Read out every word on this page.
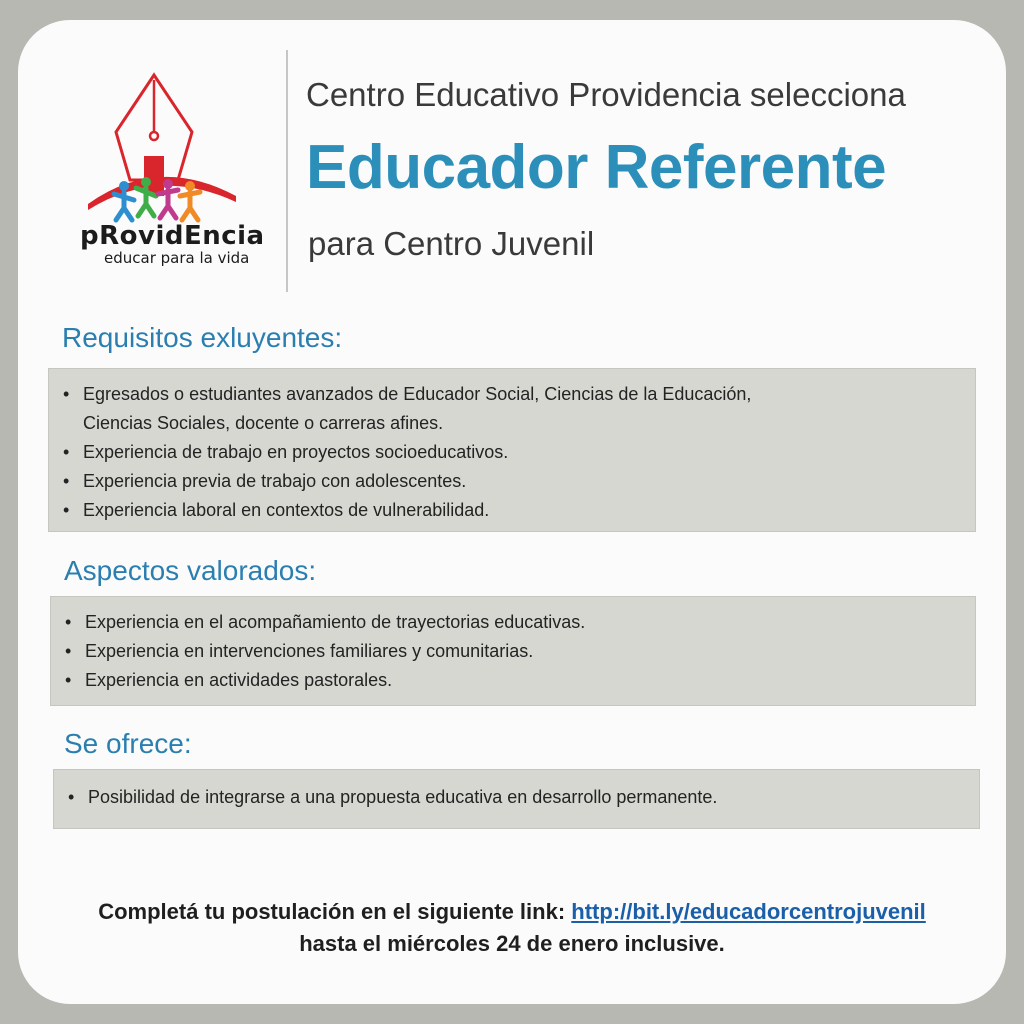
pRovidEncia
educar para la vida
Centro Educativo Providencia selecciona
Educador Referente
para Centro Juvenil
Requisitos exluyentes:
• Egresados o estudiantes avanzados de Educador Social, Ciencias de la Educación,
Ciencias Sociales, docente o carreras afines.
• Experiencia de trabajo en proyectos socioeducativos.
• Experiencia previa de trabajo con adolescentes.
• Experiencia laboral en contextos de vulnerabilidad.
Aspectos valorados:
• Experiencia en el acompañamiento de trayectorias educativas.
• Experiencia en intervenciones familiares y comunitarias.
• Experiencia en actividades pastorales.
Se ofrece:
• Posibilidad de integrarse a una propuesta educativa en desarrollo permanente.
Completá tu postulación en el siguiente link: http://bit.ly/educadorcentrojuvenil
hasta el miércoles 24 de enero inclusive.
